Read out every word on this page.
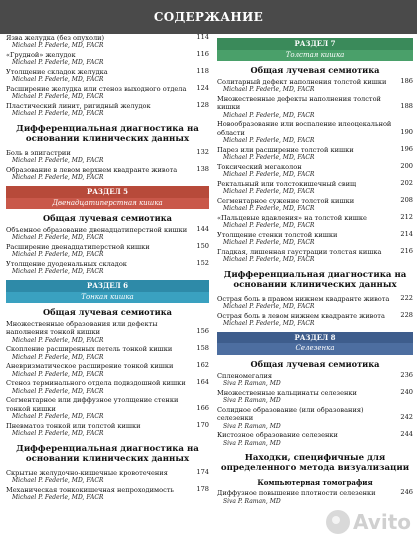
СОДЕРЖАНИЕ
Язва желудка (без опухоли)	114
Michael P. Federle, MD, FACR
«Грудной» желудок	116
Michael P. Federle, MD, FACR
Утолщение складок желудка	118
Michael P. Federle, MD, FACR
Расширение желудка или стеноз выходного отдела	124
Michael P. Federle, MD, FACR
Пластический линит, ригидный желудок	128
Michael P. Federle, MD, FACR
Дифференциальная диагностика на основании клинических данных
Боль в эпигастрии	132
Michael P. Federle, MD, FACR
Образование в левом верхнем квадранте живота	138
Michael P. Federle, MD, FACR
РАЗДЕЛ 5
Двенадцатиперстная кишка
Общая лучевая семиотика
Объемное образование двенадцатиперстной кишки	144
Michael P. Federle, MD, FACR
Расширение двенадцатиперстной кишки	150
Michael P. Federle, MD, FACR
Утолщение дуоденальных складок	152
Michael P. Federle, MD, FACR
РАЗДЕЛ 6
Тонкая кишка
Общая лучевая семиотика
Множественные образования или дефекты наполнения тонкой кишки	156
Michael P. Federle, MD, FACR
Скопление расширенных петель тонкой кишки	158
Michael P. Federle, MD, FACR
Аневризматическое расширение тонкой кишки	162
Michael P. Federle, MD, FACR
Стеноз терминального отдела подвздошной кишки	164
Michael P. Federle, MD, FACR
Сегментарное или диффузное утолщение стенки тонкой кишки	166
Michael P. Federle, MD, FACR
Пневматоз тонкой или толстой кишки	170
Michael P. Federle, MD, FACR
Дифференциальная диагностика на основании клинических данных
Скрытые желудочно-кишечные кровотечения	174
Michael P. Federle, MD, FACR
Механическая тонкокишечная непроходимость	178
Michael P. Federle, MD, FACR
РАЗДЕЛ 7
Толстая кишка
Общая лучевая семиотика
Солитарный дефект наполнения толстой кишки	186
Michael P. Federle, MD, FACR
Множественные дефекты наполнения толстой кишки	188
Michael P. Federle, MD, FACR
Новообразование или воспаление илеоцекальной области	190
Michael P. Federle, MD, FACR
Парез или расширение толстой кишки	196
Michael P. Federle, MD, FACR
Токсический мегаколон	200
Michael P. Federle, MD, FACR
Ректальный или толстокишечный свищ	202
Michael P. Federle, MD, FACR
Сегментарное сужение толстой кишки	208
Michael P. Federle, MD, FACR
«Пальцевые вдавления» на толстой кишке	212
Michael P. Federle, MD, FACR
Утолщение стенки толстой кишки	214
Michael P. Federle, MD, FACR
Гладкая, лишенная гаустрации толстая кишка	216
Michael P. Federle, MD, FACR
Дифференциальная диагностика на основании клинических данных
Острая боль в правом нижнем квадранте живота	222
Michael P. Federle, MD, FACR
Острая боль в левом нижнем квадранте живота	228
Michael P. Federle, MD, FACR
РАЗДЕЛ 8
Селезенка
Общая лучевая семиотика
Спленомегалия	236
Siva P. Raman, MD
Множественные кальцинаты селезенки	240
Siva P. Raman, MD
Солидное образование (или образования) селезенки	242
Siva P. Raman, MD
Кистозное образование селезенки	244
Siva P. Raman, MD
Находки, специфичные для определенного метода визуализации
Компьютерная томография
Диффузное повышение плотности селезенки	246
Siva P. Raman, MD
Avito
